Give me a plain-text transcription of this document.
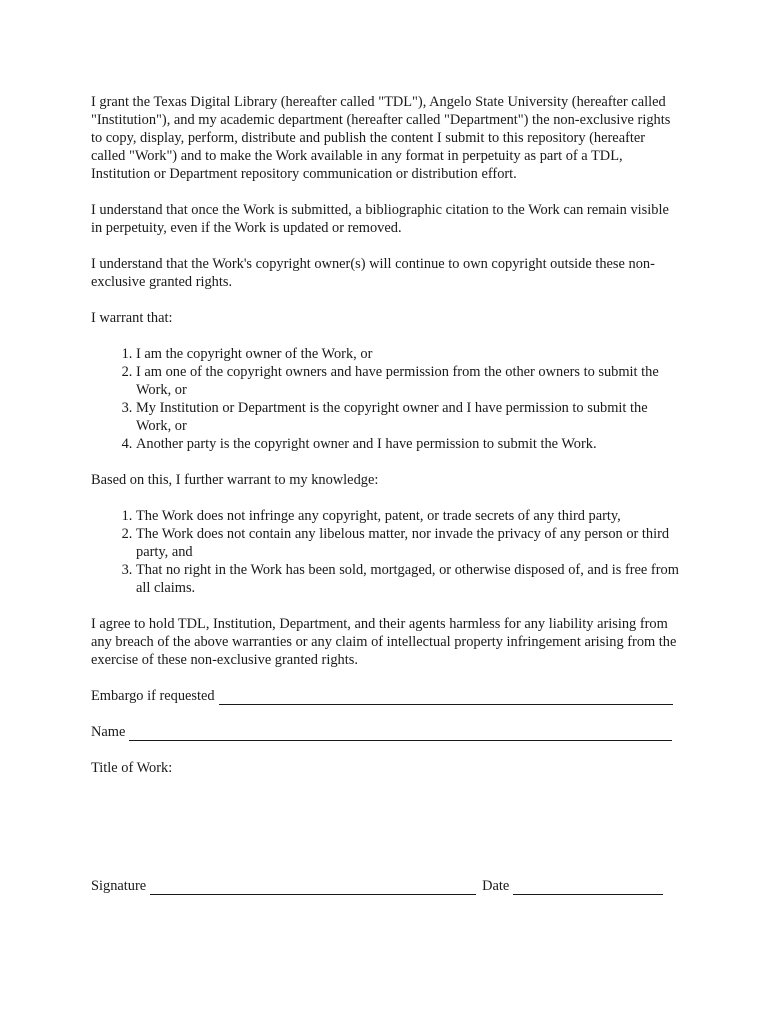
I grant the Texas Digital Library (hereafter called "TDL"), Angelo State University (hereafter called "Institution"), and my academic department (hereafter called "Department") the non-exclusive rights to copy, display, perform, distribute and publish the content I submit to this repository (hereafter called "Work") and to make the Work available in any format in perpetuity as part of a TDL, Institution or Department repository communication or distribution effort.

I understand that once the Work is submitted, a bibliographic citation to the Work can remain visible in perpetuity, even if the Work is updated or removed.

I understand that the Work's copyright owner(s) will continue to own copyright outside these non-exclusive granted rights.

I warrant that:

1. I am the copyright owner of the Work, or
2. I am one of the copyright owners and have permission from the other owners to submit the Work, or
3. My Institution or Department is the copyright owner and I have permission to submit the Work, or
4. Another party is the copyright owner and I have permission to submit the Work.

Based on this, I further warrant to my knowledge:

1. The Work does not infringe any copyright, patent, or trade secrets of any third party,
2. The Work does not contain any libelous matter, nor invade the privacy of any person or third party, and
3. That no right in the Work has been sold, mortgaged, or otherwise disposed of, and is free from all claims.

I agree to hold TDL, Institution, Department, and their agents harmless for any liability arising from any breach of the above warranties or any claim of intellectual property infringement arising from the exercise of these non-exclusive granted rights.

Embargo if requested
Name
Title of Work:
Signature	Date
